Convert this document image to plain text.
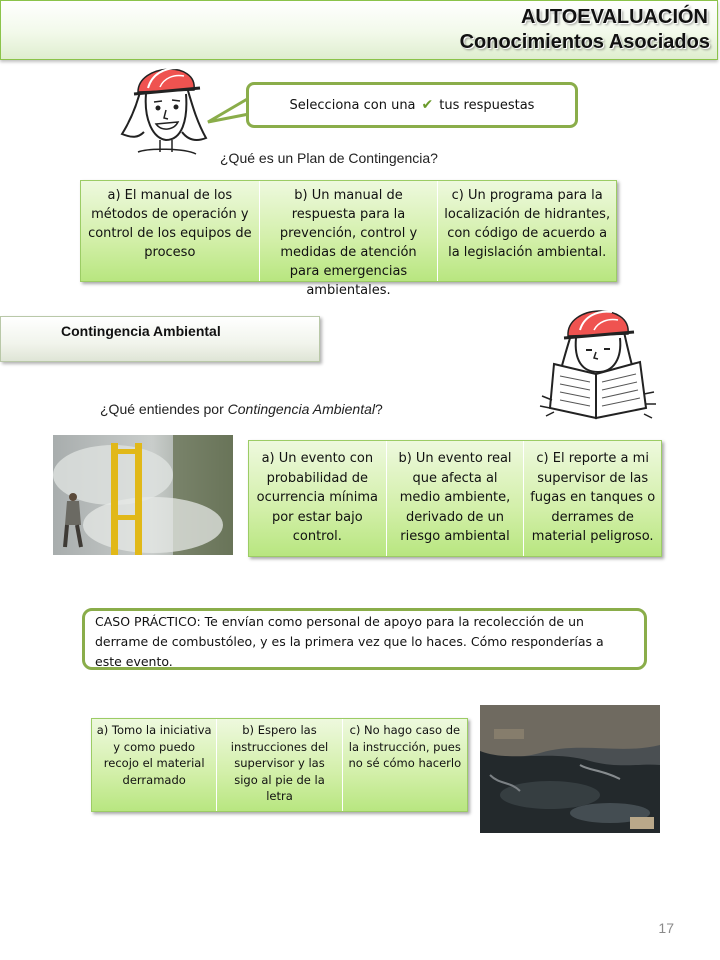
AUTOEVALUACIÓN
Conocimientos Asociados
Selecciona con una ✔ tus respuestas
¿Qué es un Plan de Contingencia?
a) El manual de los métodos de operación y control de los equipos de proceso
b) Un manual de respuesta para la prevención, control y medidas de atención para emergencias ambientales.
c) Un programa para la localización de hidrantes, con código de acuerdo a la legislación ambiental.
Contingencia Ambiental
¿Qué entiendes por Contingencia Ambiental?
a) Un evento con probabilidad de ocurrencia mínima por estar bajo control.
b) Un evento real que afecta al medio ambiente, derivado de un riesgo ambiental
c) El reporte a mi supervisor de las fugas en tanques o derrames de material peligroso.
CASO PRÁCTICO: Te envían como personal de apoyo para la recolección de un derrame de combustóleo, y es la primera vez que lo haces. Cómo responderías a este evento.
a) Tomo la iniciativa y como puedo recojo el material derramado
b) Espero las instrucciones del supervisor y las sigo al pie de la letra
c) No hago caso de la instrucción, pues no sé cómo hacerlo
17
